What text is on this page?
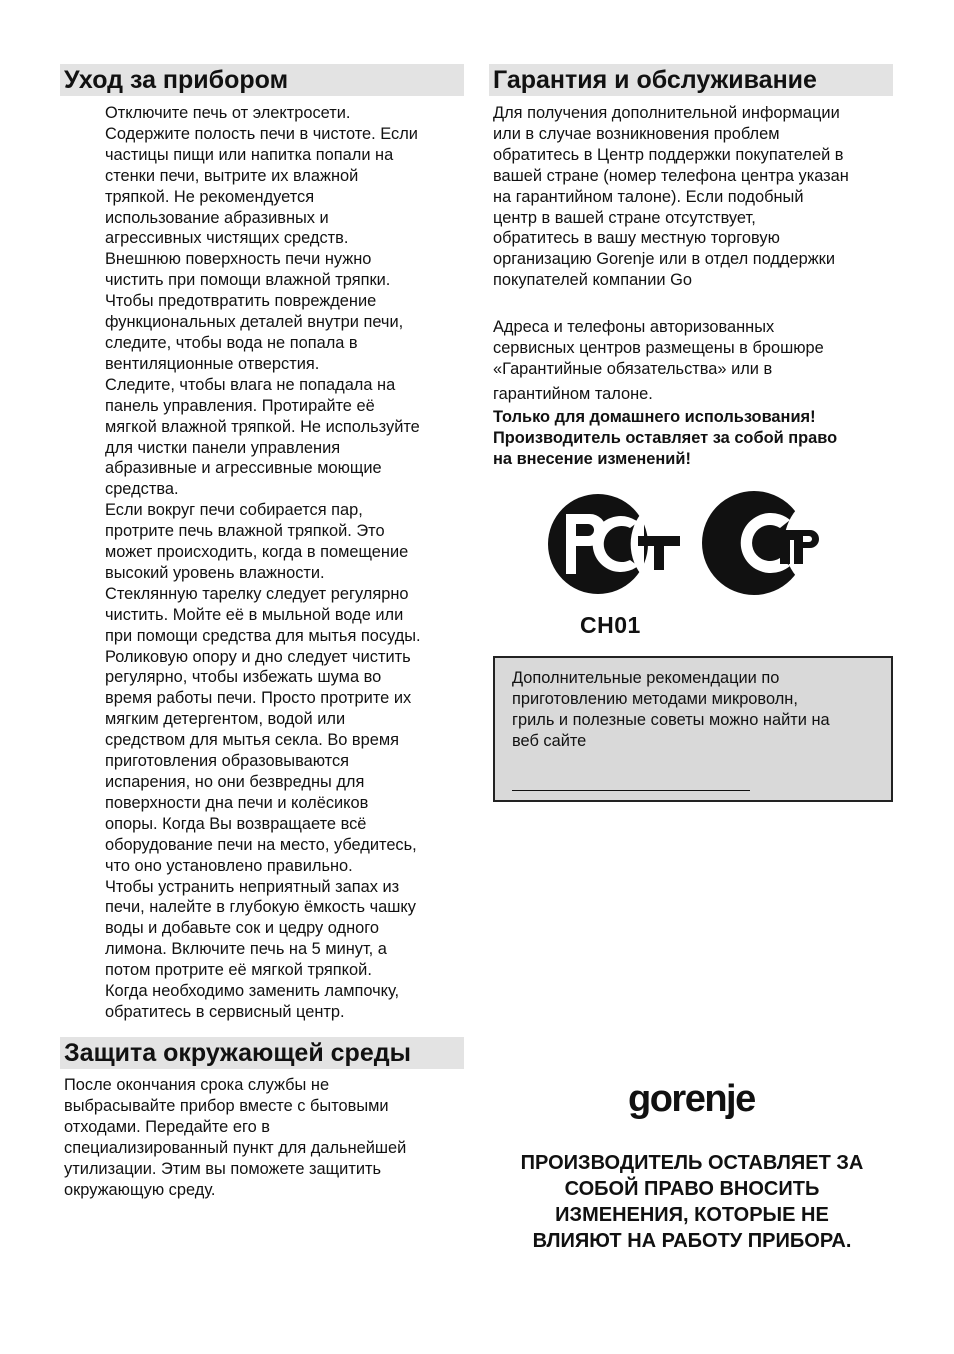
Уход за прибором
Отключите печь от электросети.
Содержите полость печи в чистоте. Если
частицы пищи или напитка попали на
стенки печи, вытрите их влажной
тряпкой. Не рекомендуется
использование абразивных и
агрессивных чистящих средств.
Внешнюю поверхность печи нужно
чистить при помощи влажной тряпки.
Чтобы предотвратить повреждение
функциональных деталей внутри печи,
следите, чтобы вода не попала в
вентиляционные отверстия.
Следите, чтобы влага не попадала на
панель управления. Протирайте её
мягкой влажной тряпкой. Не используйте
для чистки панели управления
абразивные и агрессивные моющие
средства.
Если вокруг печи собирается пар,
протрите печь влажной тряпкой. Это
может происходить, когда в помещение
высокий уровень влажности.
Стеклянную тарелку следует регулярно
чистить. Мойте её в мыльной воде или
при помощи средства для мытья посуды.
Роликовую опору и дно следует чистить
регулярно, чтобы избежать шума во
время работы печи. Просто протрите их
мягким детергентом, водой или
средством для мытья секла. Во время
приготовления образовываются
испарения, но они безвредны для
поверхности дна печи и колёсиков
опоры. Когда Вы возвращаете всё
оборудование печи на место, убедитесь,
что оно установлено правильно.
Чтобы устранить неприятный запах из
печи, налейте в глубокую ёмкость чашку
воды и добавьте сок и цедру одного
лимона. Включите печь на 5 минут, а
потом протрите её мягкой тряпкой.
Когда необходимо заменить лампочку,
обратитесь в сервисный центр.
Защита окружающей среды
После окончания срока службы не
выбрасывайте прибор вместе с бытовыми
отходами. Передайте его в
специализированный пункт для дальнейшей
утилизации. Этим вы поможете защитить
окружающую среду.
Гарантия и обслуживание
Для получения дополнительной информации
или в случае возникновения проблем
обратитесь в Центр поддержки покупателей в
вашей стране (номер телефона центра указан
на гарантийном талоне). Если подобный
центр в вашей стране отсутствует,
обратитесь в вашу местную торговую
организацию Gorenje или в отдел поддержки
покупателей компании Go
Адреса и телефоны авторизованных
сервисных центров размещены в брошюре
«Гарантийные обязательства» или в
гарантийном талоне.
Только для домашнего использования!
Производитель оставляет за собой право
на внесение изменений!
CH01
Дополнительные рекомендации по
приготовлению методами микроволн,
гриль и полезные советы можно найти на
веб сайте
gorenje
ПРОИЗВОДИТЕЛЬ ОСТАВЛЯЕТ ЗА
СОБОЙ ПРАВО ВНОСИТЬ
ИЗМЕНЕНИЯ, КОТОРЫЕ НЕ
ВЛИЯЮТ НА РАБОТУ ПРИБОРА.
